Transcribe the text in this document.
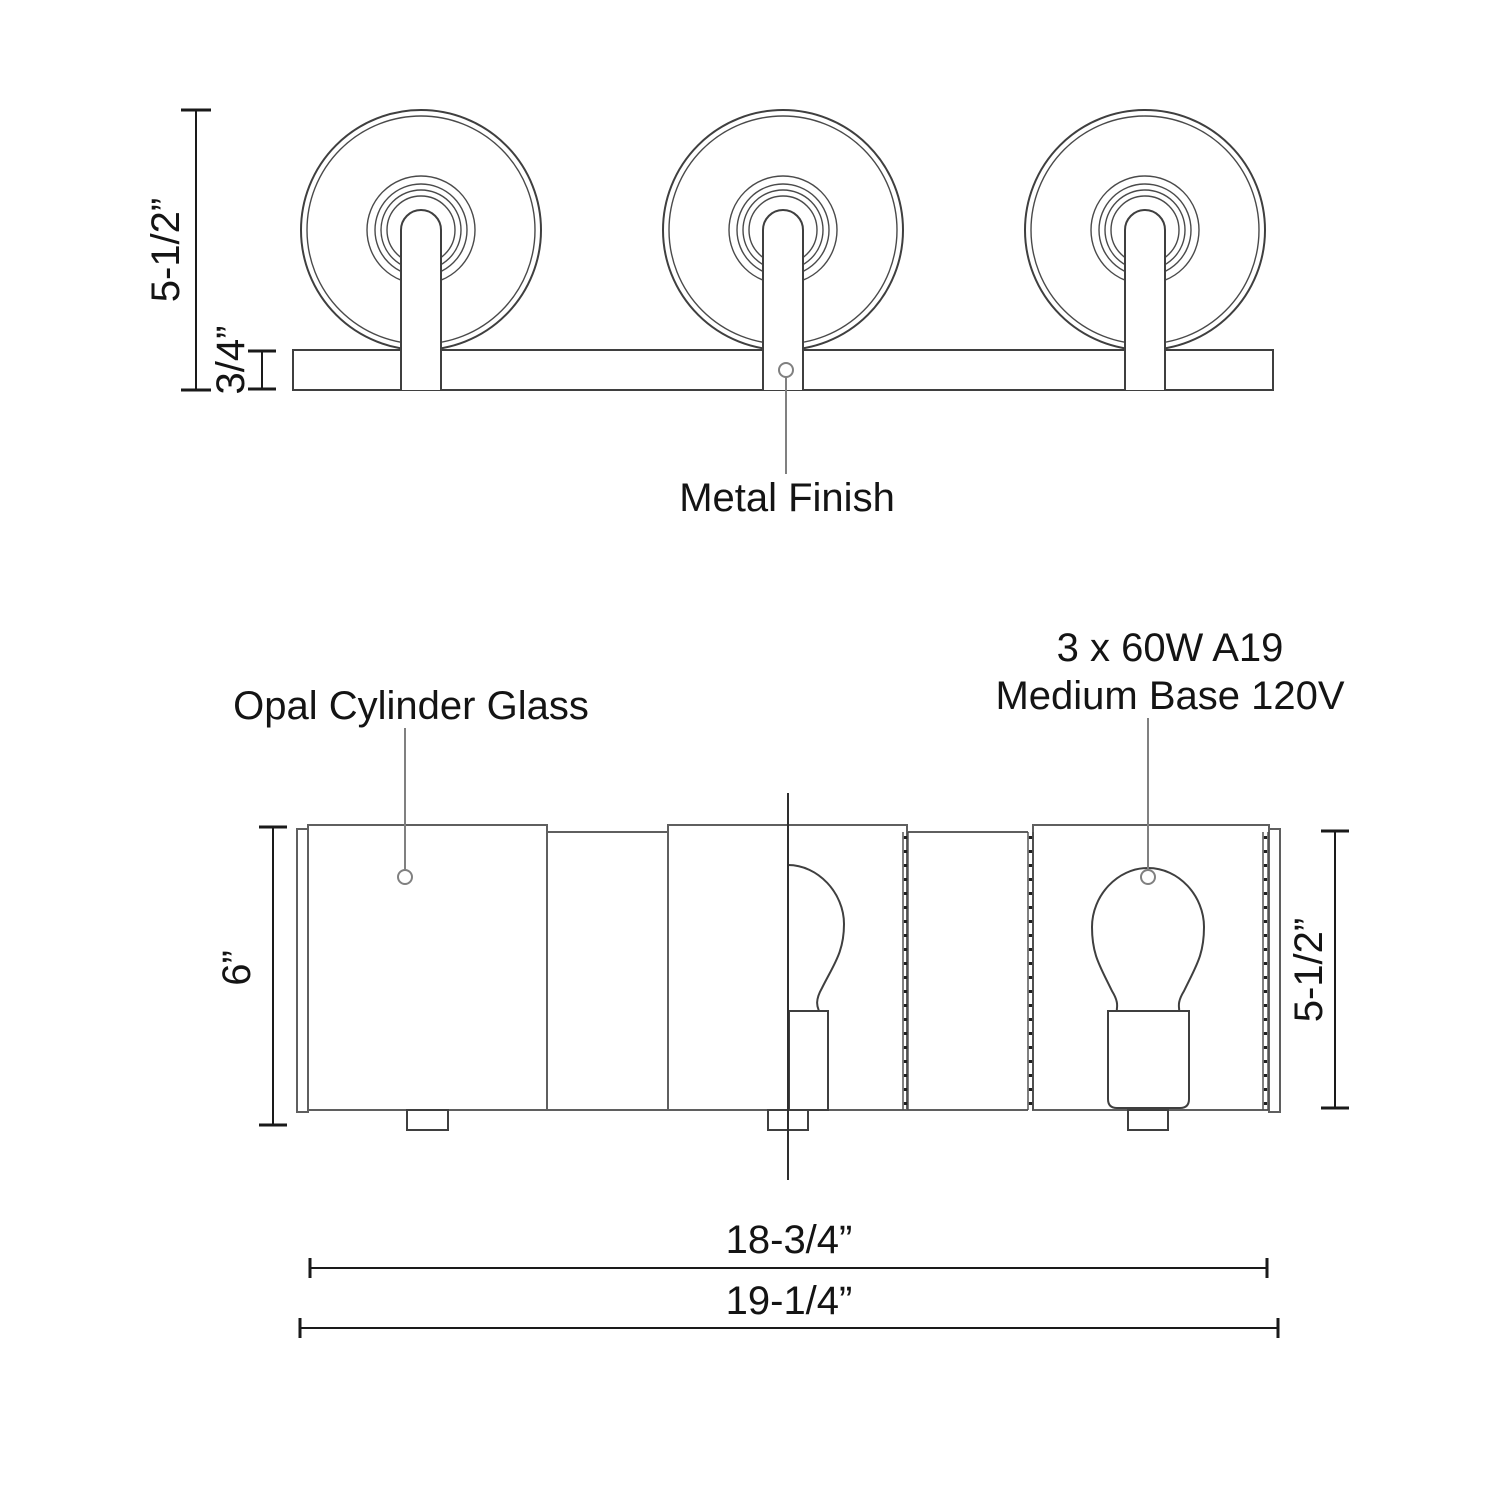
5-1/2”
3/4”
Metal Finish
Opal Cylinder Glass
3 x 60W A19
Medium Base 120V
6”	5-1/2”
18-3/4”
19-1/4”
